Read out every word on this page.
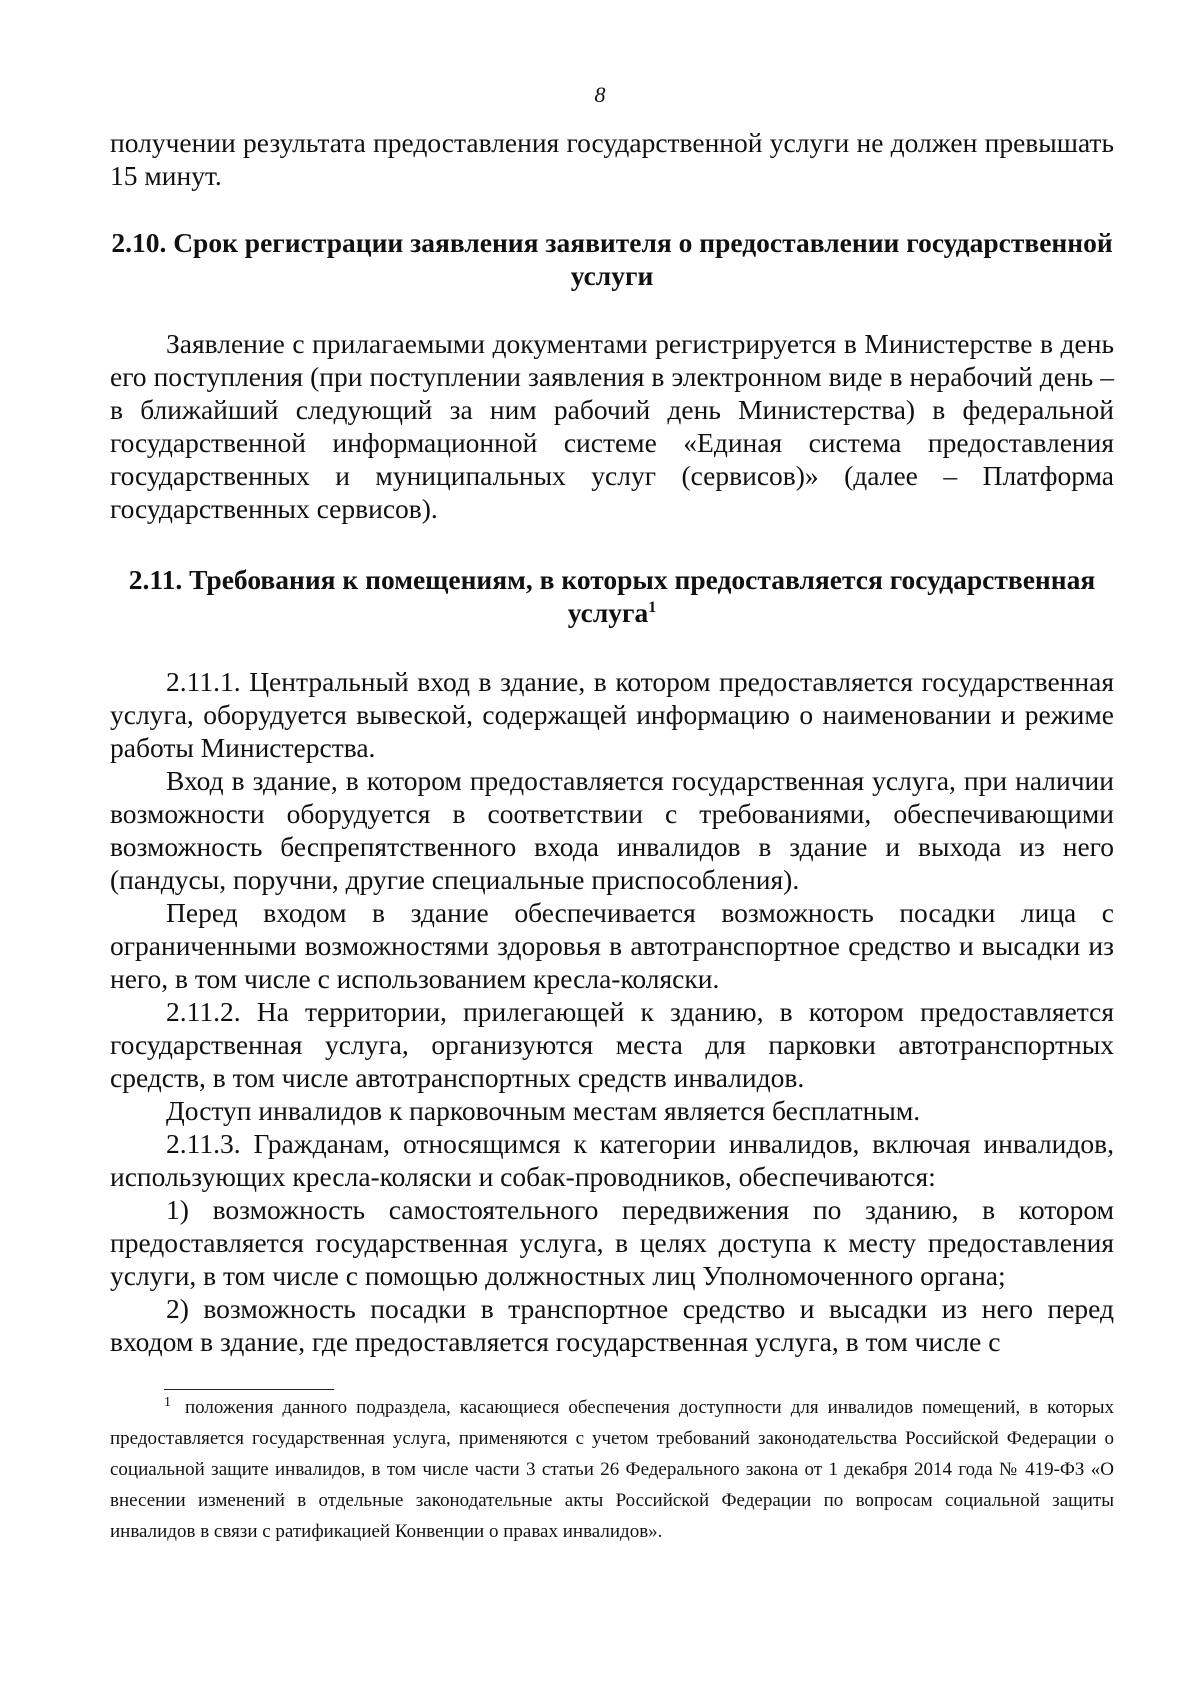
8

получении результата предоставления государственной услуги не должен превышать 15 минут.

2.10. Срок регистрации заявления заявителя о предоставлении государственной услуги

Заявление с прилагаемыми документами регистрируется в Министерстве в день его поступления (при поступлении заявления в электронном виде в нерабочий день – в ближайший следующий за ним рабочий день Министерства) в федеральной государственной информационной системе «Единая система предоставления государственных и муниципальных услуг (сервисов)» (далее – Платформа государственных сервисов).

2.11. Требования к помещениям, в которых предоставляется государственная услуга$^1$

2.11.1. Центральный вход в здание, в котором предоставляется государственная услуга, оборудуется вывеской, содержащей информацию о наименовании и режиме работы Министерства.

Вход в здание, в котором предоставляется государственная услуга, при наличии возможности оборудуется в соответствии с требованиями, обеспечивающими возможность беспрепятственного входа инвалидов в здание и выхода из него (пандусы, поручни, другие специальные приспособления).

Перед входом в здание обеспечивается возможность посадки лица с ограниченными возможностями здоровья в автотранспортное средство и высадки из него, в том числе с использованием кресла-коляски.

2.11.2. На территории, прилегающей к зданию, в котором предоставляется государственная услуга, организуются места для парковки автотранспортных средств, в том числе автотранспортных средств инвалидов.

Доступ инвалидов к парковочным местам является бесплатным.

2.11.3. Гражданам, относящимся к категории инвалидов, включая инвалидов, использующих кресла-коляски и собак-проводников, обеспечиваются:

1) возможность самостоятельного передвижения по зданию, в котором предоставляется государственная услуга, в целях доступа к месту предоставления услуги, в том числе с помощью должностных лиц Уполномоченного органа;

2) возможность посадки в транспортное средство и высадки из него перед входом в здание, где предоставляется государственная услуга, в том числе с

$^1$ положения данного подраздела, касающиеся обеспечения доступности для инвалидов помещений, в которых предоставляется государственная услуга, применяются с учетом требований законодательства Российской Федерации о социальной защите инвалидов, в том числе части 3 статьи 26 Федерального закона от 1 декабря 2014 года № 419-ФЗ «О внесении изменений в отдельные законодательные акты Российской Федерации по вопросам социальной защиты инвалидов в связи с ратификацией Конвенции о правах инвалидов».
